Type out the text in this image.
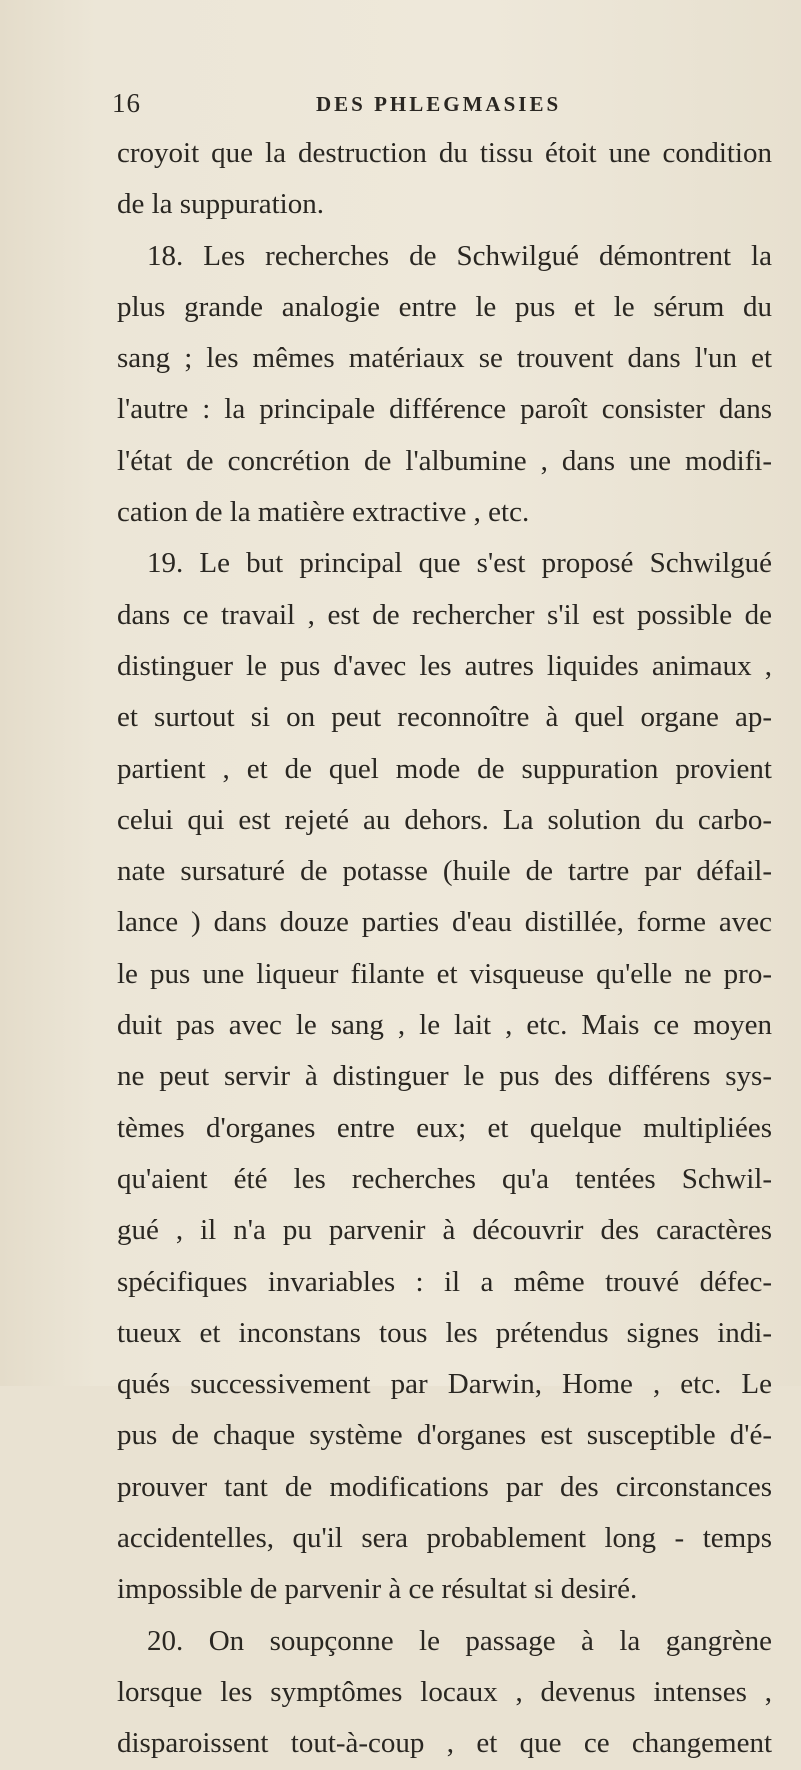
16	DES PHLEGMASIES
croyoit que la destruction du tissu étoit une condition
de la suppuration.
18. Les recherches de Schwilgué démontrent la
plus grande analogie entre le pus et le sérum du
sang ; les mêmes matériaux se trouvent dans l'un et
l'autre : la principale différence paroît consister dans
l'état de concrétion de l'albumine , dans une modifi-
cation de la matière extractive , etc.
19. Le but principal que s'est proposé Schwilgué
dans ce travail , est de rechercher s'il est possible de
distinguer le pus d'avec les autres liquides animaux ,
et surtout si on peut reconnoître à quel organe ap-
partient , et de quel mode de suppuration provient
celui qui est rejeté au dehors. La solution du carbo-
nate sursaturé de potasse (huile de tartre par défail-
lance ) dans douze parties d'eau distillée, forme avec
le pus une liqueur filante et visqueuse qu'elle ne pro-
duit pas avec le sang , le lait , etc. Mais ce moyen
ne peut servir à distinguer le pus des différens sys-
tèmes d'organes entre eux; et quelque multipliées
qu'aient été les recherches qu'a tentées Schwil-
gué , il n'a pu parvenir à découvrir des caractères
spécifiques invariables : il a même trouvé défec-
tueux et inconstans tous les prétendus signes indi-
qués successivement par Darwin, Home , etc. Le
pus de chaque système d'organes est susceptible d'é-
prouver tant de modifications par des circonstances
accidentelles, qu'il sera probablement long - temps
impossible de parvenir à ce résultat si desiré.
20. On soupçonne le passage à la gangrène
lorsque les symptômes locaux , devenus intenses ,
disparoissent tout-à-coup , et que ce changement
